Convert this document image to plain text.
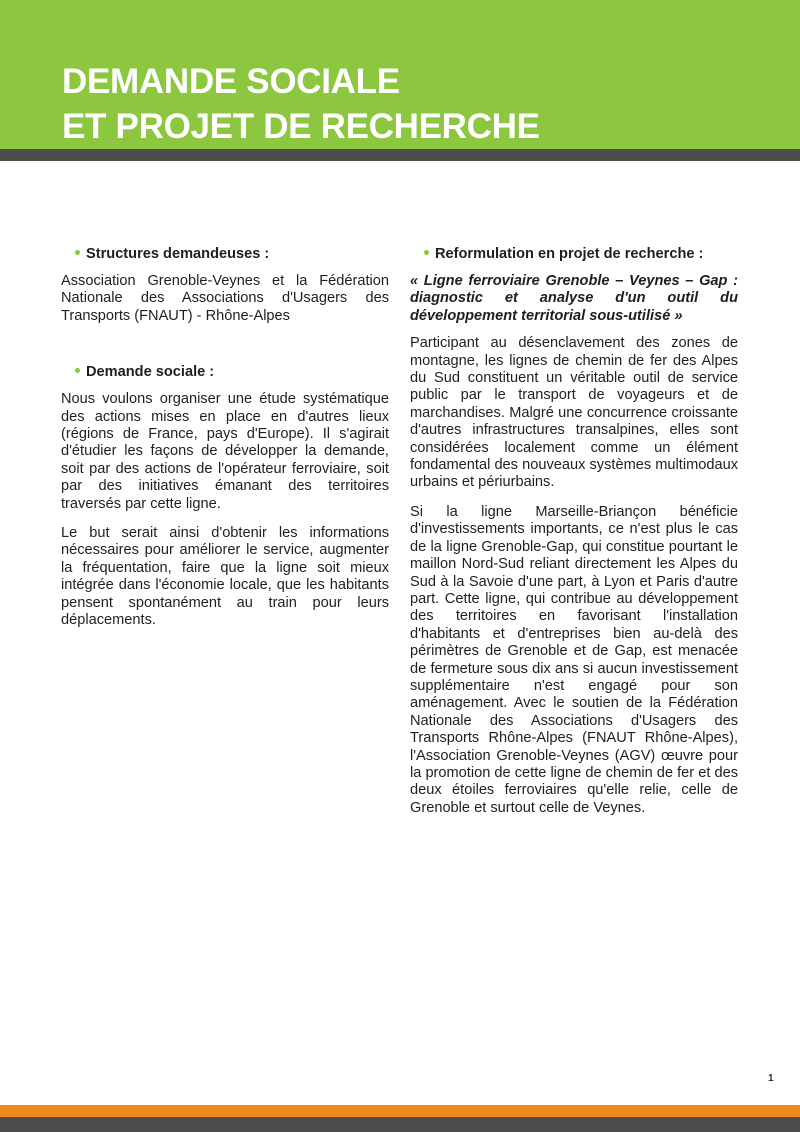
DEMANDE SOCIALE
ET PROJET DE RECHERCHE
Structures demandeuses :

Association Grenoble-Veynes et la Fédération Nationale des Associations d'Usagers des Transports (FNAUT) - Rhône-Alpes

Demande sociale :

Nous voulons organiser une étude systématique des actions mises en place en d'autres lieux (régions de France, pays d'Europe). Il s'agirait d'étudier les façons de développer la demande, soit par des actions de l'opérateur ferroviaire, soit par des initiatives émanant des territoires traversés par cette ligne.

Le but serait ainsi d'obtenir les informations nécessaires pour améliorer le service, augmenter la fréquentation, faire que la ligne soit mieux intégrée dans l'économie locale, que les habitants pensent spontanément au train pour leurs déplacements.

Reformulation en projet de recherche :

« Ligne ferroviaire Grenoble – Veynes – Gap : diagnostic et analyse d'un outil du développement territorial sous-utilisé »

Participant au désenclavement des zones de montagne, les lignes de chemin de fer des Alpes du Sud constituent un véritable outil de service public par le transport de voyageurs et de marchandises. Malgré une concurrence croissante d'autres infrastructures transalpines, elles sont considérées localement comme un élément fondamental des nouveaux systèmes multimodaux urbains et périurbains.

Si la ligne Marseille-Briançon bénéficie d'investissements importants, ce n'est plus le cas de la ligne Grenoble-Gap, qui constitue pourtant le maillon Nord-Sud reliant directement les Alpes du Sud à la Savoie d'une part, à Lyon et Paris d'autre part. Cette ligne, qui contribue au développement des territoires en favorisant l'installation d'habitants et d'entreprises bien au-delà des périmètres de Grenoble et de Gap, est menacée de fermeture sous dix ans si aucun investissement supplémentaire n'est engagé pour son aménagement. Avec le soutien de la Fédération Nationale des Associations d'Usagers des Transports Rhône-Alpes (FNAUT Rhône-Alpes), l'Association Grenoble-Veynes (AGV) œuvre pour la promotion de cette ligne de chemin de fer et des deux étoiles ferroviaires qu'elle relie, celle de Grenoble et surtout celle de Veynes.

1
